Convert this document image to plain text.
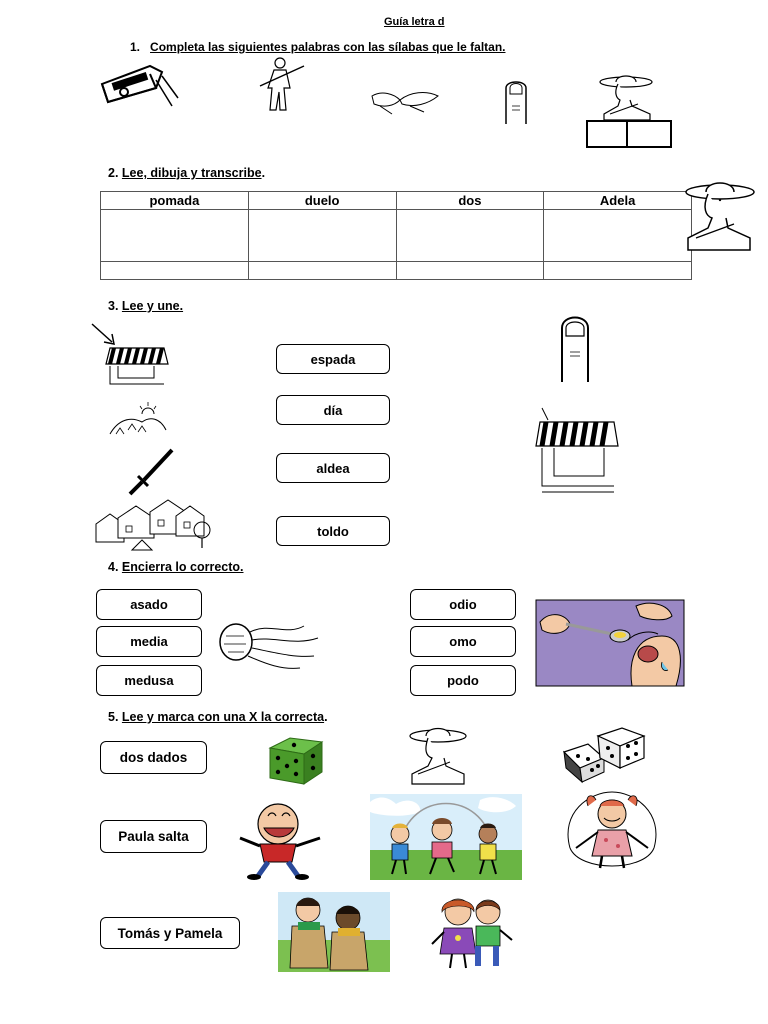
Guía letra d
1. Completa las siguientes palabras con las sílabas que le faltan.
2. Lee, dibuja y transcribe.
pomada	duelo	dos	Adela

3. Lee y une.
espada
día
aldea
toldo
4. Encierra lo correcto.
asado
media
medusa
odio
omo
podo
5. Lee y marca con una X la correcta.
dos dados
Paula salta
Tomás y Pamela
